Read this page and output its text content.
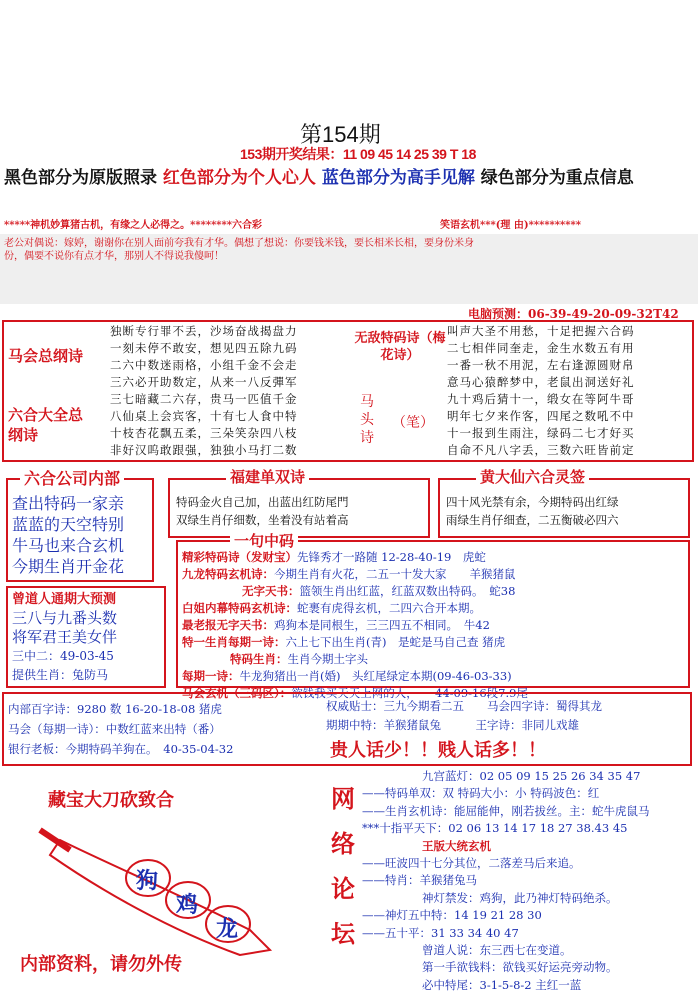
第154期
153期开奖结果：11 09 45 14 25 39 T 18
黑色部分为原版照录 红色部分为个人心人 蓝色部分为高手见解 绿色部分为重点信息
*****神机妙算猪古机，有缘之人必得之。********六合彩	笑语玄机***(理 由)**********
老公对偶说：嫁婷，谢谢你在别人面前夸我有才华。偶想了想说：你要钱米钱，要长相米长相，要身份米身
份，偶要不说你有点才华，那别人不得说我傻呵！
电脑预测：06-39-49-20-09-32T42
马会总纲诗
六合大全总纲诗
独断专行罪不丢，沙场奋战揭盘力
一刻未停不敢安，想见四五除九码
二六中数迷雨格，小组千金不会走
三六必开助数定，从来一八反彈军
三七暗藏二六存，贵马一匹值千金
八仙桌上会宾客，十有七人食中特
十枝杏花飘五柔，三朵笑杂四八枝
非好汉呜敢跟强，独独小马打二数
无敌特码诗（梅花诗）
马
头
诗
（笔）
叫声大圣不用愁，十足把握六合码
二七相伴同奎走，金生水数五有用
一番一秋不用泥，左右逢源圆财帛
意马心猿醉梦中，老鼠出洞送好礼
九十鸡后猜十一，缎女在等阿牛哥
明年七夕来作客，四尾之数吼不中
十一报到生雨注，绿码二七才好买
自命不凡八字丢，三数六旺皆前定
六合公司内部
查出特码一家亲
蓝蓝的天空特别
牛马也来合玄机
今期生肖开金花
福建单双诗
特码金火自己加，出蓝出红防尾門
双绿生肖仔细数，坐着没有站着高
黄大仙六合灵签
四十风光禁有余，今期特码出红绿
雨绿生肖仔细查，二五衡破必四六
一句中码
精彩特码诗（发财宝）先锋秀才一路随 12-28-40-19　虎蛇
九龙特码玄机诗：今期生肖有火花，二五一十发大家　　羊猴猪鼠
无字天书：篮领生肖出红蓝，红蓝双数出特码。　蛇38
白姐内幕特码玄机诗：蛇裹有虎得玄机，二四六合开本期。
最老报无字天书：鸡狗本是同根生，三三四五不相同。　牛42
特一生肖每期一诗：六上七下出生肖(青)　是蛇是马自己查 猪虎
特码生肖：生肖今期土字头
每期一诗：牛龙狗猪出一肖(婚)　头红尾绿定本期(09-46-03-33)
马会玄机（三码区）：欲钱我买天天上网的人，　　44-09-16段7.9尾
曾道人通期大预测
三八与九番头数
将军君王美女伴
三中二：49-03-45
提供生肖：兔防马
内部百字诗：9280 数 16-20-18-08 猪虎
马会（每期一诗）：中数红蓝来出特（番）
银行老板：今期特码羊狗在。　40-35-04-32
权威贴士：三九今期看二五　　马会四字诗：蜀得其龙
期期中特：羊猴猪鼠兔　　　王字诗：非同儿戏雄
贵人话少！！贱人话多！！
网络论坛
九宫蓝灯：02 05 09 15 25 26 34 35 47
——特码单双：双 特码大小：小 特码波色：红
——生肖玄机诗：能屈能伸，刚若拔丝。主：蛇牛虎鼠马
***十指平天下：02 06 13 14 17 18 27 38.43 45
王版大统玄机
——旺波四十七分其位，二落差马后来追。
——特肖：羊猴猪兔马
神灯禁发：鸡狗，此乃神灯特码绝杀。
——神灯五中特：14 19 21 28 30
——五十平：31 33 34 40 47
曾道人说：东三西七在变道。
第一手欲钱料：欲钱买好运亮旁动物。
必中特尾：3-1-5-8-2 主红一蓝
藏宝大刀砍致合
狗
鸡
龙
内部资料，请勿外传
